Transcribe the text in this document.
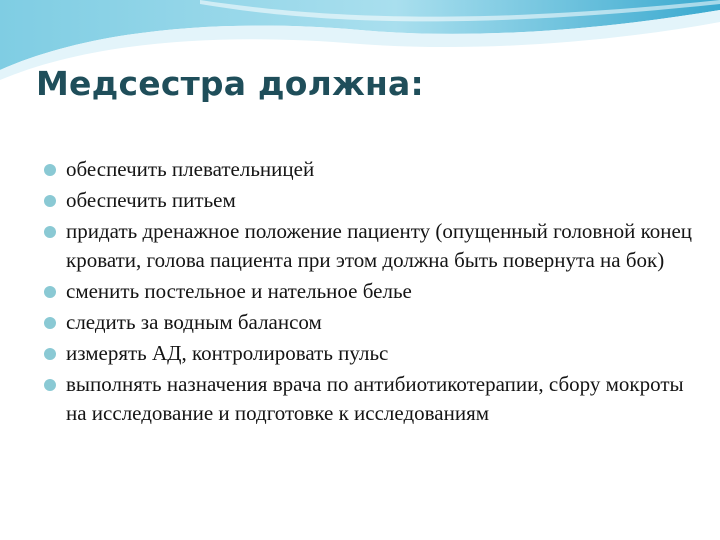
Медсестра должна:
обеспечить плевательницей
обеспечить питьем
придать дренажное положение пациенту (опущенный головной конец кровати, голова пациента при этом должна быть повернута на бок)
сменить постельное и нательное белье
следить за водным балансом
измерять АД, контролировать пульс
выполнять назначения врача по антибиотикотерапии, сбору мокроты на исследование и подготовке к исследованиям
